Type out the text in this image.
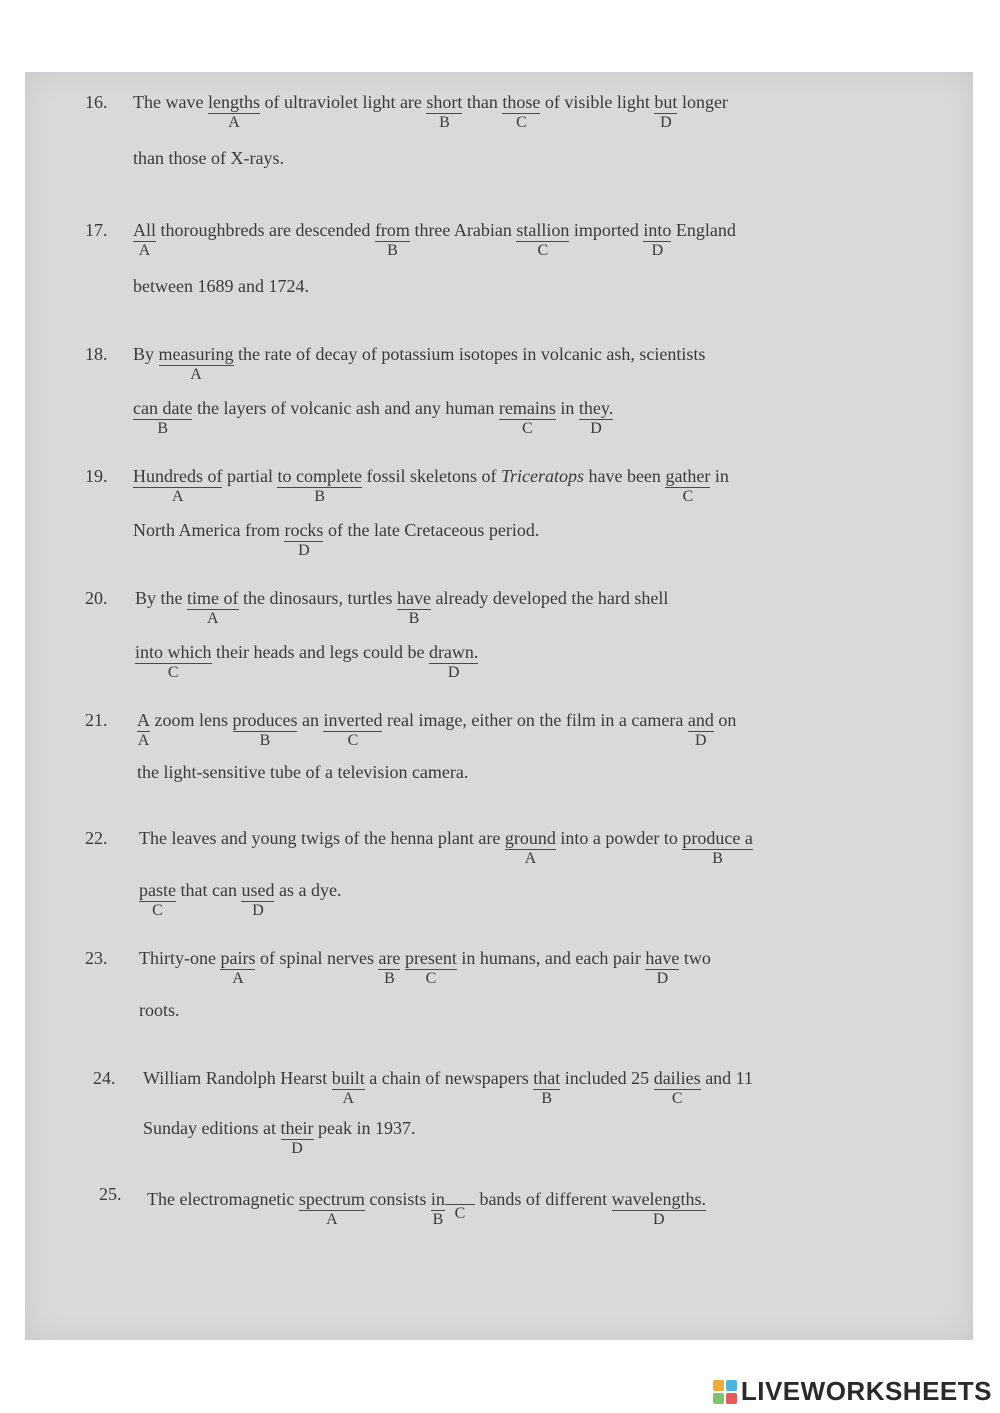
16. The wave lengths
A
of ultraviolet light are short
B
than those
C
of visible light but
D
longer
than those of X-rays.
17. All
A
thoroughbreds are descended from
B
three Arabian stallion
C
imported into
D
England
between 1689 and 1724.
18. By measuring
A
the rate of decay of potassium isotopes in volcanic ash, scientists
can date
B
the layers of volcanic ash and any human remains
C
in they.
D
19. Hundreds of
A
partial to complete
B
fossil skeletons of Triceratops have been gather
C
in
North America from rocks
D
of the late Cretaceous period.
20. By the time of
A
the dinosaurs, turtles have
B
already developed the hard shell
into which
C
their heads and legs could be drawn.
D
21. A
A
zoom lens produces
B
an inverted
C
real image, either on the film in a camera and
D
on
the light-sensitive tube of a television camera.
22. The leaves and young twigs of the henna plant are ground
A
into a powder to produce a
B
paste
C
that can used
D
as a dye.
23. Thirty-one pairs
A
of spinal nerves are
B
present
C
in humans, and each pair have
D
two
roots.
24. William Randolph Hearst built
A
a chain of newspapers that
B
included 25 dailies
C
and 11
Sunday editions at their
D
peak in 1937.
25. The electromagnetic spectrum
A
consists in
B C
bands of different wavelengths.
D
LIVEWORKSHEETS
